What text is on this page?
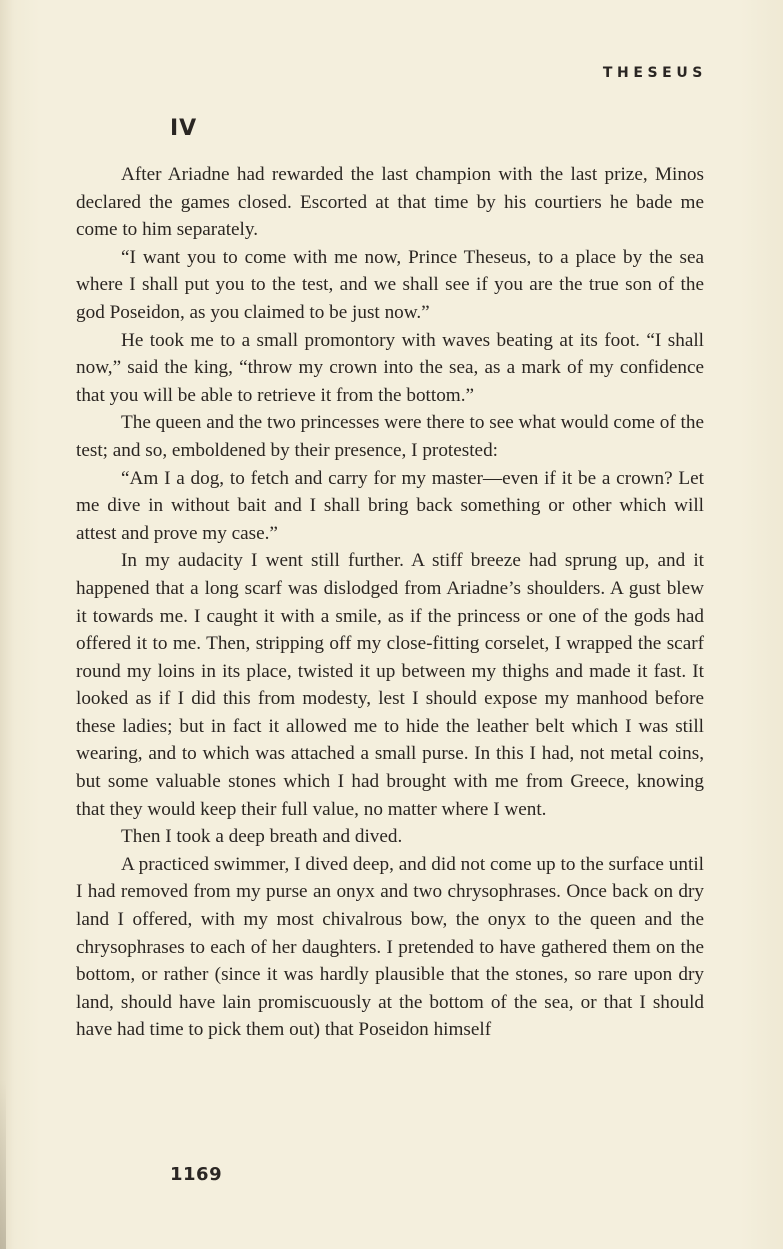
THESEUS
IV

After Ariadne had rewarded the last champion with the last prize, Minos declared the games closed. Escorted at that time by his courtiers he bade me come to him separately.

“I want you to come with me now, Prince Theseus, to a place by the sea where I shall put you to the test, and we shall see if you are the true son of the god Poseidon, as you claimed to be just now.”

He took me to a small promontory with waves beating at its foot. “I shall now,” said the king, “throw my crown into the sea, as a mark of my confidence that you will be able to retrieve it from the bottom.”

The queen and the two princesses were there to see what would come of the test; and so, emboldened by their presence, I protested:

“Am I a dog, to fetch and carry for my master—even if it be a crown? Let me dive in without bait and I shall bring back something or other which will attest and prove my case.”

In my audacity I went still further. A stiff breeze had sprung up, and it happened that a long scarf was dislodged from Ariadne’s shoulders. A gust blew it towards me. I caught it with a smile, as if the princess or one of the gods had offered it to me. Then, stripping off my close-fitting corselet, I wrapped the scarf round my loins in its place, twisted it up between my thighs and made it fast. It looked as if I did this from modesty, lest I should expose my manhood before these ladies; but in fact it allowed me to hide the leather belt which I was still wearing, and to which was attached a small purse. In this I had, not metal coins, but some valuable stones which I had brought with me from Greece, knowing that they would keep their full value, no matter where I went.

Then I took a deep breath and dived.

A practiced swimmer, I dived deep, and did not come up to the surface until I had removed from my purse an onyx and two chrysophrases. Once back on dry land I offered, with my most chivalrous bow, the onyx to the queen and the chrysophrases to each of her daughters. I pretended to have gathered them on the bottom, or rather (since it was hardly plausible that the stones, so rare upon dry land, should have lain promiscuously at the bottom of the sea, or that I should have had time to pick them out) that Poseidon himself

1169
